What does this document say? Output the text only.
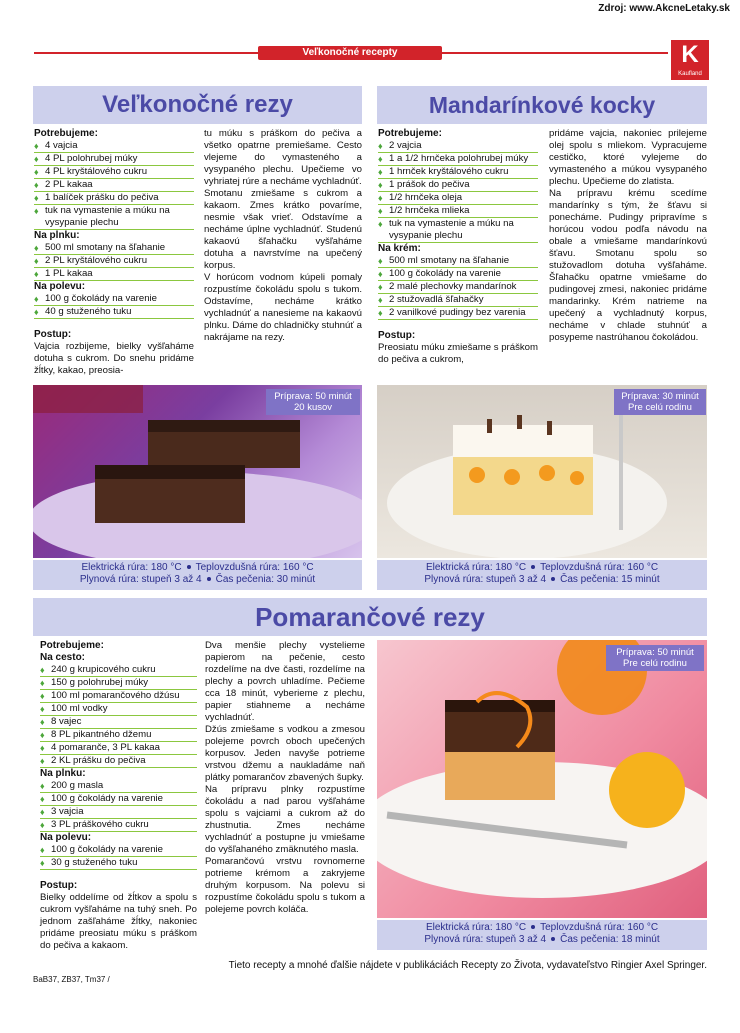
Zdroj: www.AkcneLetaky.sk
Veľkonočné recepty	K
Kaufland
Veľkonočné rezy
Potrebujeme:
♦ 4 vajcia
♦ 4 PL polohrubej múky
♦ 4 PL kryštálového cukru
♦ 2 PL kakaa
♦ 1 balíček prášku do pečiva
♦ tuk na vymastenie a múku na vysypanie plechu
Na plnku:
♦ 500 ml smotany na šľahanie
♦ 2 PL kryštálového cukru
♦ 1 PL kakaa
Na polevu:
♦ 100 g čokolády na varenie
♦ 40 g stuženého tuku
Postup:
Vajcia rozbijeme, bielky vyšľaháme dotuha s cukrom. Do snehu pridáme žĺtky, kakao, preosia-
tu múku s práškom do pečiva a všetko opatrne premiešame. Cesto vlejeme do vymasteného a vysypaného plechu. Upečieme vo vyhriatej rúre a necháme vychladnúť.
Smotanu zmiešame s cukrom a kakaom. Zmes krátko povaríme, nesmie však vrieť. Odstavíme a necháme úplne vychladnúť. Studenú kakaovú šľahačku vyšľaháme dotuha a navrstvíme na upečený korpus.
V horúcom vodnom kúpeli pomaly rozpustíme čokoládu spolu s tukom. Odstavíme, necháme krátko vychladnúť a nanesieme na kakaovú plnku. Dáme do chladničky stuhnúť a nakrájame na rezy.
Príprava: 50 minút
20 kusov
Elektrická rúra: 180 °C Teplovzdušná rúra: 160 °C
Plynová rúra: stupeň 3 až 4 Čas pečenia: 30 minút
Mandarínkové kocky
Potrebujeme:
♦ 2 vajcia
♦ 1 a 1/2 hrnčeka polohrubej múky
♦ 1 hrnček kryštálového cukru
♦ 1 prášok do pečiva
♦ 1/2 hrnčeka oleja
♦ 1/2 hrnčeka mlieka
♦ tuk na vymastenie a múku na vysypanie plechu
Na krém:
♦ 500 ml smotany na šľahanie
♦ 100 g čokolády na varenie
♦ 2 malé plechovky mandarínok
♦ 2 stužovadlá šľahačky
♦ 2 vanilkové pudingy bez varenia
Postup:
Preosiatu múku zmiešame s práškom do pečiva a cukrom,
pridáme vajcia, nakoniec prilejeme olej spolu s mliekom. Vypracujeme cestičko, ktoré vylejeme do vymasteného a múkou vysypaného plechu. Upečieme do zlatista.
Na prípravu krému scedíme mandarínky s tým, že šťavu si ponecháme. Pudingy pripravíme s horúcou vodou podľa návodu na obale a vmiešame mandarínkovú šťavu. Smotanu spolu so stužovadlom dotuha vyšľaháme. Šľahačku opatrne vmiešame do pudingovej zmesi, nakoniec pridáme mandarinky. Krém natrieme na upečený a vychladnutý korpus, necháme v chlade stuhnúť a posypeme nastrúhanou čokoládou.
Príprava: 30 minút
Pre celú rodinu
Elektrická rúra: 180 °C Teplovzdušná rúra: 160 °C
Plynová rúra: stupeň 3 až 4 Čas pečenia: 15 minút
Pomarančové rezy
Potrebujeme:
Na cesto:
♦ 240 g krupicového cukru
♦ 150 g polohrubej múky
♦ 100 ml pomarančového džúsu
♦ 100 ml vodky
♦ 8 vajec
♦ 8 PL pikantného džemu
♦ 4 pomaranče, 3 PL kakaa
♦ 2 KL prášku do pečiva
Na plnku:
♦ 200 g masla
♦ 100 g čokolády na varenie
♦ 3 vajcia
♦ 3 PL práškového cukru
Na polevu:
♦ 100 g čokolády na varenie
♦ 30 g stuženého tuku
Postup:
Bielky oddelíme od žĺtkov a spolu s cukrom vyšľaháme na tuhý sneh. Po jednom zašľaháme žĺtky, nakoniec pridáme preosiatu múku s práškom do pečiva a kakaom.
Dva menšie plechy vystelieme papierom na pečenie, cesto rozdelíme na dve časti, rozdelíme na plechy a povrch uhladíme. Pečieme cca 18 minút, vyberieme z plechu, papier stiahneme a necháme vychladnúť.
Džús zmiešame s vodkou a zmesou polejeme povrch oboch upečených korpusov. Jeden navyše potrieme vrstvou džemu a naukladáme naň plátky pomarančov zbavených šupky.
Na prípravu plnky rozpustíme čokoládu a nad parou vyšľaháme spolu s vajciami a cukrom až do zhustnutia. Zmes necháme vychladnúť a postupne ju vmiešame do vyšľahaného zmäknutého masla.
Pomarančovú vrstvu rovnomerne potrieme krémom a zakryjeme druhým korpusom. Na polevu si rozpustíme čokoládu spolu s tukom a polejeme povrch koláča.
Príprava: 50 minút
Pre celú rodinu
Elektrická rúra: 180 °C Teplovzdušná rúra: 160 °C
Plynová rúra: stupeň 3 až 4 Čas pečenia: 18 minút
Tieto recepty a mnohé ďalšie nájdete v publikáciách Recepty zo Života, vydavateľstvo Ringier Axel Springer.
BaB37, ZB37, Tm37 /
